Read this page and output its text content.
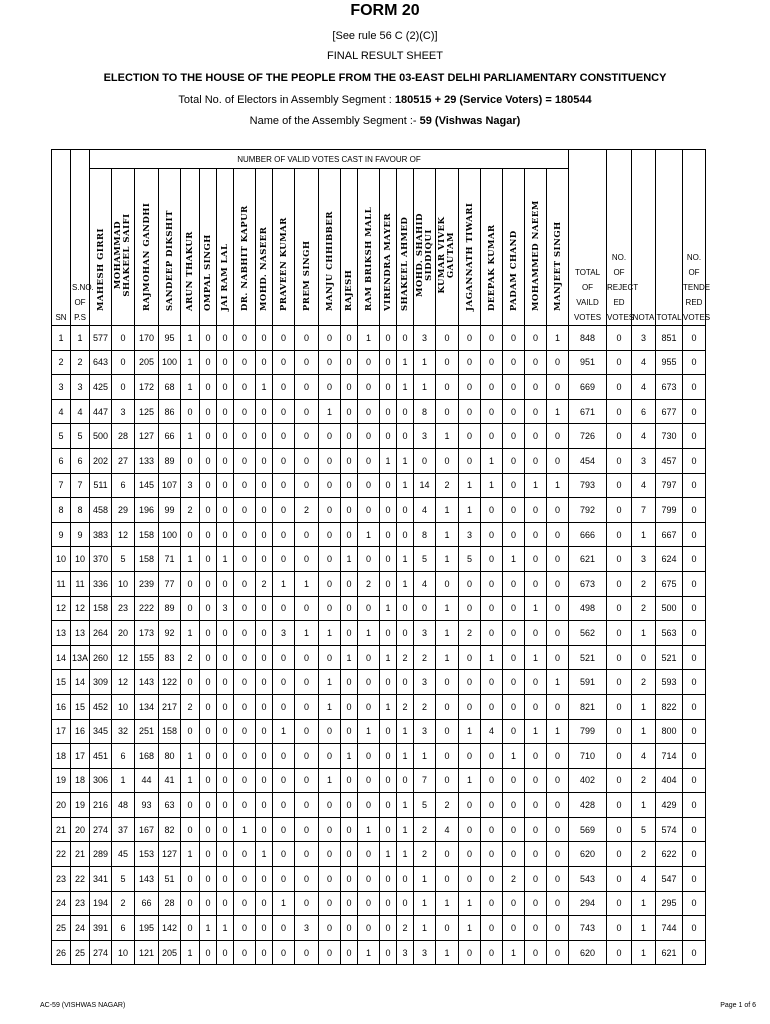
FORM 20
[See rule 56 C (2)(C)]
FINAL RESULT SHEET
ELECTION TO THE HOUSE OF THE PEOPLE FROM THE 03-EAST DELHI PARLIAMENTARY CONSTITUENCY
Total No. of Electors in Assembly Segment : 180515 + 29 (Service Voters) = 180544
Name of the Assembly Segment :- 59 (Vishwas Nagar)
SN	S.NO. OF P.S	NUMBER OF VALID VOTES CAST IN FAVOUR OF																							TOTAL OF VAILD VOTES	NO. OF REJECT ED VOTES	NOTA	TOTAL	NO. OF TENDE RED VOTES

		MAHESH GIRRI	MOHAMMAD SHAKEEL SAIFI	RAJMOHAN GANDHI	SANDEEP DIKSHIT	ARUN THAKUR	OMPAL SINGH	JAI RAM LAL	DR. NABHIT KAPUR	MOHD. NASEER	PRAVEEN KUMAR	PREM SINGH	MANJU CHHIBBER	RAJESH	RAM BRIKSH MALL	VIRENDRA MAYER	SHAKEEL AHMED	MOHD. SHAHID SIDDIQUI	KUMAR VIVEK GAUTAM	JAGANNATH TIWARI	DEEPAK KUMAR	PADAM CHAND	MOHAMMED NAEEM	MANJEET SINGH					

1	1	577	0	170	95	1	0	0	0	0	0	0	0	0	1	0	0	3	0	0	0	0	0	1	848	0	3	851	0
2	2	643	0	205	100	1	0	0	0	0	0	0	0	0	0	0	1	1	0	0	0	0	0	0	951	0	4	955	0
3	3	425	0	172	68	1	0	0	0	1	0	0	0	0	0	0	1	1	0	0	0	0	0	0	669	0	4	673	0
4	4	447	3	125	86	0	0	0	0	0	0	0	1	0	0	0	0	8	0	0	0	0	0	1	671	0	6	677	0
5	5	500	28	127	66	1	0	0	0	0	0	0	0	0	0	0	0	3	1	0	0	0	0	0	726	0	4	730	0
6	6	202	27	133	89	0	0	0	0	0	0	0	0	0	0	1	1	0	0	0	1	0	0	0	454	0	3	457	0
7	7	511	6	145	107	3	0	0	0	0	0	0	0	0	0	0	1	14	2	1	1	0	1	1	793	0	4	797	0
8	8	458	29	196	99	2	0	0	0	0	0	2	0	0	0	0	0	4	1	1	0	0	0	0	792	0	7	799	0
9	9	383	12	158	100	0	0	0	0	0	0	0	0	0	1	0	0	8	1	3	0	0	0	0	666	0	1	667	0
10	10	370	5	158	71	1	0	1	0	0	0	0	0	1	0	0	1	5	1	5	0	1	0	0	621	0	3	624	0
11	11	336	10	239	77	0	0	0	0	2	1	1	0	0	2	0	1	4	0	0	0	0	0	0	673	0	2	675	0
12	12	158	23	222	89	0	0	3	0	0	0	0	0	0	0	1	0	0	1	0	0	0	1	0	498	0	2	500	0
13	13	264	20	173	92	1	0	0	0	0	3	1	1	0	1	0	0	3	1	2	0	0	0	0	562	0	1	563	0
14	13A	260	12	155	83	2	0	0	0	0	0	0	0	1	0	1	2	2	1	0	1	0	1	0	521	0	0	521	0
15	14	309	12	143	122	0	0	0	0	0	0	0	1	0	0	0	0	3	0	0	0	0	0	1	591	0	2	593	0
16	15	452	10	134	217	2	0	0	0	0	0	0	1	0	0	1	2	2	0	0	0	0	0	0	821	0	1	822	0
17	16	345	32	251	158	0	0	0	0	0	1	0	0	0	1	0	1	3	0	1	4	0	1	1	799	0	1	800	0
18	17	451	6	168	80	1	0	0	0	0	0	0	0	1	0	0	1	1	0	0	0	1	0	0	710	0	4	714	0
19	18	306	1	44	41	1	0	0	0	0	0	0	1	0	0	0	0	7	0	1	0	0	0	0	402	0	2	404	0
20	19	216	48	93	63	0	0	0	0	0	0	0	0	0	0	0	1	5	2	0	0	0	0	0	428	0	1	429	0
21	20	274	37	167	82	0	0	0	1	0	0	0	0	0	1	0	1	2	4	0	0	0	0	0	569	0	5	574	0
22	21	289	45	153	127	1	0	0	0	1	0	0	0	0	0	1	1	2	0	0	0	0	0	0	620	0	2	622	0
23	22	341	5	143	51	0	0	0	0	0	0	0	0	0	0	0	0	1	0	0	0	2	0	0	543	0	4	547	0
24	23	194	2	66	28	0	0	0	0	0	1	0	0	0	0	0	0	1	1	1	0	0	0	0	294	0	1	295	0
25	24	391	6	195	142	0	1	1	0	0	0	3	0	0	0	0	2	1	0	1	0	0	0	0	743	0	1	744	0
26	25	274	10	121	205	1	0	0	0	0	0	0	0	0	1	0	3	3	1	0	0	1	0	0	620	0	1	621	0
AC-59 (VISHWAS NAGAR)	Page 1 of 6
